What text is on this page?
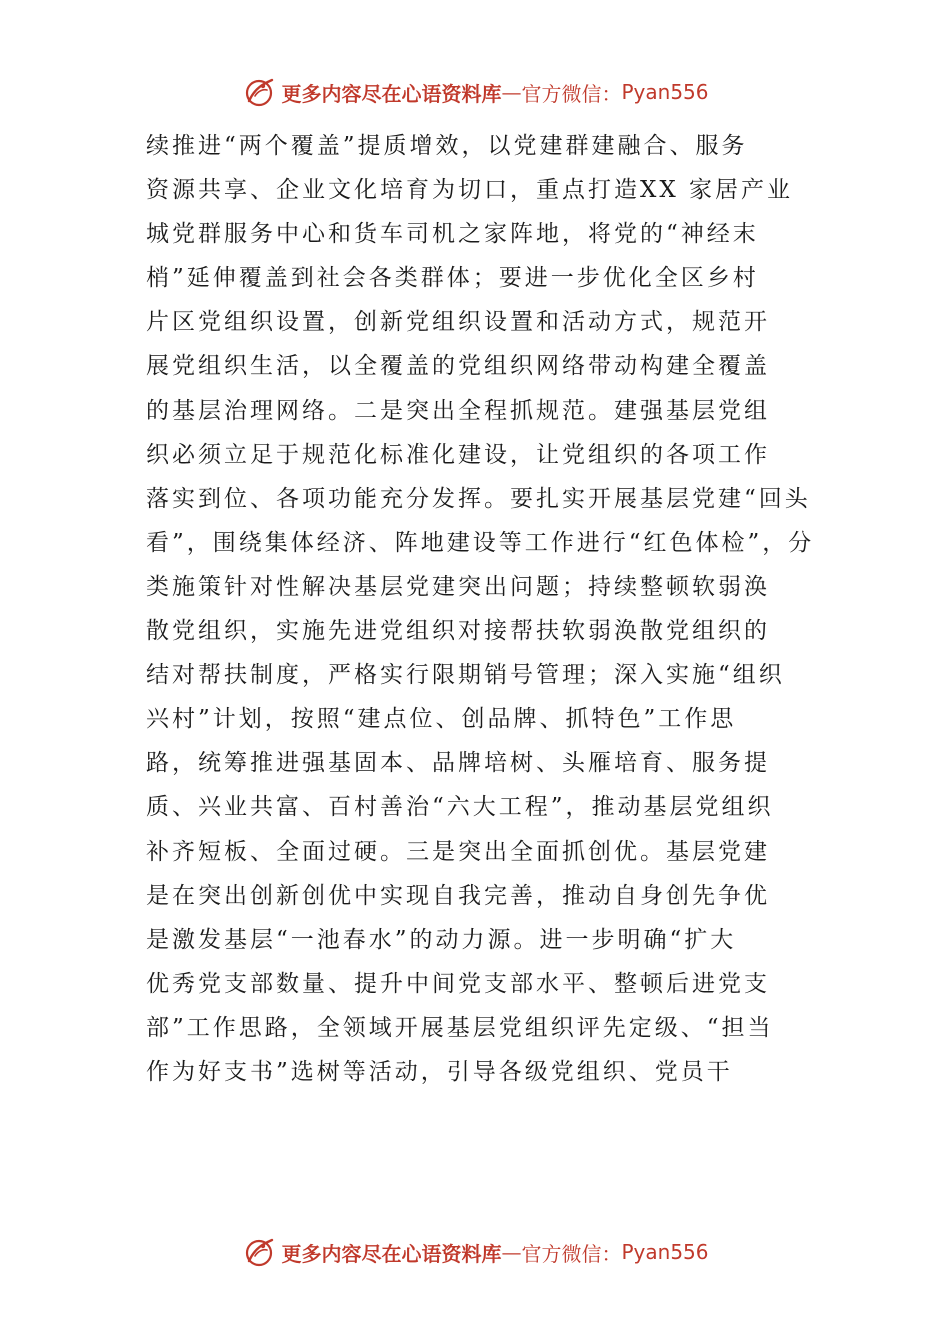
更多内容尽在心语资料库 — 官方微信： Pyan556
续推进“两个覆盖”提质增效，以党建群建融合、服务
资源共享、企业文化培育为切口，重点打造XX 家居产业
城党群服务中心和货车司机之家阵地，将党的“神经末
梢”延伸覆盖到社会各类群体；要进一步优化全区乡村
片区党组织设置，创新党组织设置和活动方式，规范开
展党组织生活，以全覆盖的党组织网络带动构建全覆盖
的基层治理网络。二是突出全程抓规范。建强基层党组
织必须立足于规范化标准化建设，让党组织的各项工作
落实到位、各项功能充分发挥。要扎实开展基层党建“回头
看”，围绕集体经济、阵地建设等工作进行“红色体检”，分
类施策针对性解决基层党建突出问题；持续整顿软弱涣
散党组织，实施先进党组织对接帮扶软弱涣散党组织的
结对帮扶制度，严格实行限期销号管理；深入实施“组织
兴村”计划，按照“建点位、创品牌、抓特色”工作思
路，统筹推进强基固本、品牌培树、头雁培育、服务提
质、兴业共富、百村善治“六大工程”，推动基层党组织
补齐短板、全面过硬。三是突出全面抓创优。基层党建
是在突出创新创优中实现自我完善，推动自身创先争优
是激发基层“一池春水”的动力源。进一步明确“扩大
优秀党支部数量、提升中间党支部水平、整顿后进党支
部”工作思路，全领域开展基层党组织评先定级、“担当
作为好支书”选树等活动，引导各级党组织、党员干
更多内容尽在心语资料库 — 官方微信： Pyan556
